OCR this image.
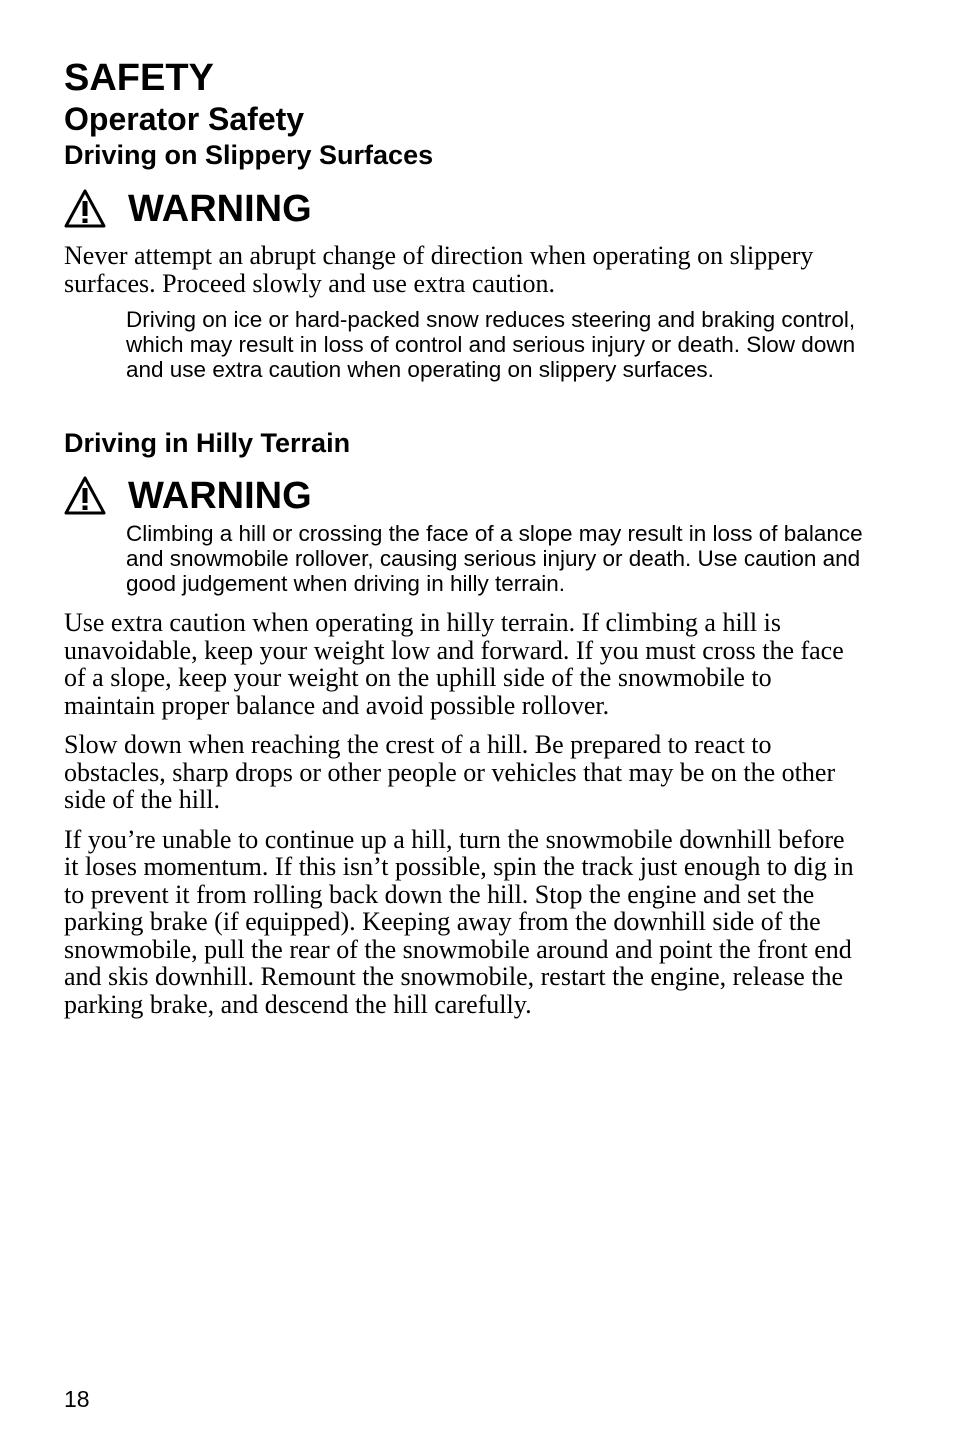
SAFETY
Operator Safety
Driving on Slippery Surfaces
WARNING

Never attempt an abrupt change of direction when operating on slippery surfaces. Proceed slowly and use extra caution.

Driving on ice or hard-packed snow reduces steering and braking control, which may result in loss of control and serious injury or death. Slow down and use extra caution when operating on slippery surfaces.

Driving in Hilly Terrain
WARNING

Climbing a hill or crossing the face of a slope may result in loss of balance and snowmobile rollover, causing serious injury or death. Use caution and good judgement when driving in hilly terrain.

Use extra caution when operating in hilly terrain. If climbing a hill is unavoidable, keep your weight low and forward. If you must cross the face of a slope, keep your weight on the uphill side of the snowmobile to maintain proper balance and avoid possible rollover.

Slow down when reaching the crest of a hill. Be prepared to react to obstacles, sharp drops or other people or vehicles that may be on the other side of the hill.

If you’re unable to continue up a hill, turn the snowmobile downhill before it loses momentum. If this isn’t possible, spin the track just enough to dig in to prevent it from rolling back down the hill. Stop the engine and set the parking brake (if equipped). Keeping away from the downhill side of the snowmobile, pull the rear of the snowmobile around and point the front end and skis downhill. Remount the snowmobile, restart the engine, release the parking brake, and descend the hill carefully.

18
